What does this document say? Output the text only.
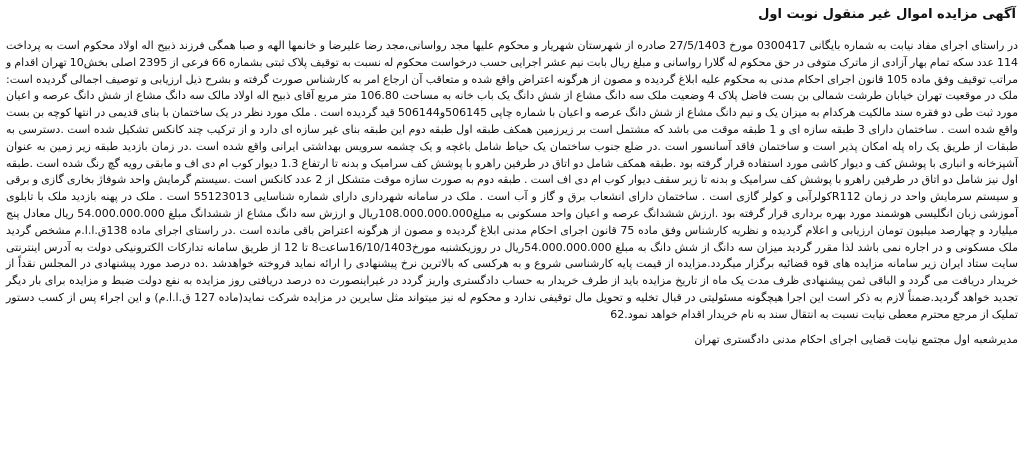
آگهی مزایده اموال غیر منقول نوبت اول

در راستای اجرای مفاد نیابت به شماره بایگانی 0300417 مورخ 27/5/1403 صادره از شهرستان شهریار و محکوم علیها مجد رواسانی،مجد رضا علیرضا و خانمها الهه و صبا همگی فرزند ذبیح اله اولاد محکوم است به پرداخت 114 عدد سکه تمام بهار آزادی از ماترک متوفی در حق محکوم له گلارا رواسانی و مبلغ ریال بابت نیم عشر اجرایی حسب درخواست محکوم له نسبت به توقیف پلاک ثبتی بشماره 66 فرعی از 2395 اصلی بخش10 تهران اقدام و مراتب توقیف وفق ماده 105 قانون اجرای احکام مدنی به محکوم علیه ابلاغ گردیده و مصون از هرگونه اعتراض واقع شده و متعاقب آن ارجاع امر به کارشناس صورت گرفته و بشرح ذیل ارزیابی و توصیف اجمالی گردیده است: ملک در موقعیت تهران خیابان طرشت شمالی بن بست فاضل پلاک 4 وضعیت ملک سه دانگ مشاع از شش دانگ یک باب خانه به مساحت 106.80 متر مربع آقای ذبیح اله اولاد مالک سه دانگ مشاع از شش دانگ عرصه و اعیان مورد ثبت طی دو فقره سند مالکیت هرکدام به میزان یک و نیم دانگ مشاع از شش دانگ عرصه و اعیان با شماره چاپی 506145و506144 قید گردیده است . ملک مورد نظر در یک ساختمان با بنای قدیمی در انتها کوچه بن بست واقع شده است . ساختمان دارای 3 طبقه سازه ای و 1 طبقه موقت می باشد که مشتمل است بر زیرزمین همکف طبقه اول طبقه دوم این طبقه بنای غیر سازه ای دارد و از ترکیب چند کانکس تشکیل شده است .دسترسی به طبقات از طریق یک راه پله امکان پذیر است و ساختمان فاقد آسانسور است .در ضلع جنوب ساختمان یک حیاط شامل باغچه و یک چشمه سرویس بهداشتی ایرانی واقع شده است .در زمان بازدید طبقه زیر زمین به عنوان آشپزخانه و انباری با پوشش کف و دیوار کاشی مورد استفاده قرار گرفته بود .طبقه همکف شامل دو اتاق در طرفین راهرو با پوشش کف سرامیک و بدنه تا ارتفاع 1.3 دیوار کوب ام دی اف و مابقی رویه گچ رنگ شده است .طبقه اول نیز شامل دو اتاق در طرفین راهرو با پوشش کف سرامیک و بدنه تا زیر سقف دیوار کوب ام دی اف است . طبقه دوم به صورت سازه موقت متشکل از 2 عدد کانکس است .سیستم گرمایش واحد شوفاژ بخاری گازی و برقی و سیستم سرمایش واحد در زمان R112کولرآبی و کولر گازی است . ساختمان دارای انشعاب برق و گاز و آب است . ملک در سامانه شهرداری دارای شماره شناسایی 55123013 است . ملک در پهنه بازدید ملک با تابلوی آموزشی زبان انگلیسی هوشمند مورد بهره برداری قرار گرفته بود .ارزش ششدانگ عرصه و اعیان واحد مسکونی به مبلغ108.000.000.000ریال و ارزش سه دانگ مشاع از ششدانگ مبلغ 54.000.000.000 ریال معادل پنج میلیارد و چهارصد میلیون تومان ارزیابی و اعلام گردیده و نظریه کارشناس وفق ماده 75 قانون اجرای احکام مدنی ابلاغ گردیده و مصون از هرگونه اعتراض باقی مانده است .در راستای اجرای ماده 138ق.ا.ا.م مشخص گردید ملک مسکونی و در اجاره نمی باشد لذا مقرر گردید میزان سه دانگ از شش دانگ به مبلغ 54.000.000.000ریال در روزیکشنبه مورخ16/10/1403ساعت8 تا 12 از طریق سامانه تدارکات الکترونیکی دولت به آدرس اینترنتی سایت ستاد ایران زیر سامانه مزایده های قوه قضائیه برگزار میگردد.مزایده از قیمت پایه کارشناسی شروع و به هرکسی که بالاترین نرخ پیشنهادی را ارائه نماید فروخته خواهدشد .ده درصد مورد پیشنهادی در المجلس نقداً از خریدار دریافت می گردد و الباقی ثمن پیشنهادی ظرف مدت یک ماه از تاریخ مزایده باید از طرف خریدار به حساب دادگستری واریز گردد در غیراینصورت ده درصد دریافتی روز مزایده به نفع دولت ضبط و مزایده برای بار دیگر تجدید خواهد گردید.ضمناً لازم به ذکر است این اجرا هیچگونه مسئولیتی در قبال تخلیه و تحویل مال توقیفی ندارد و محکوم له نیز میتواند مثل سایرین در مزایده شرکت نماید(ماده 127 ق.ا.ا.م) و این اجراء پس از کسب دستور تملیک از مرجع محترم معطی نیابت نسبت به انتقال سند به نام خریدار اقدام خواهد نمود.62

مدیرشعبه اول مجتمع نیابت قضایی اجرای احکام مدنی دادگستری تهران
